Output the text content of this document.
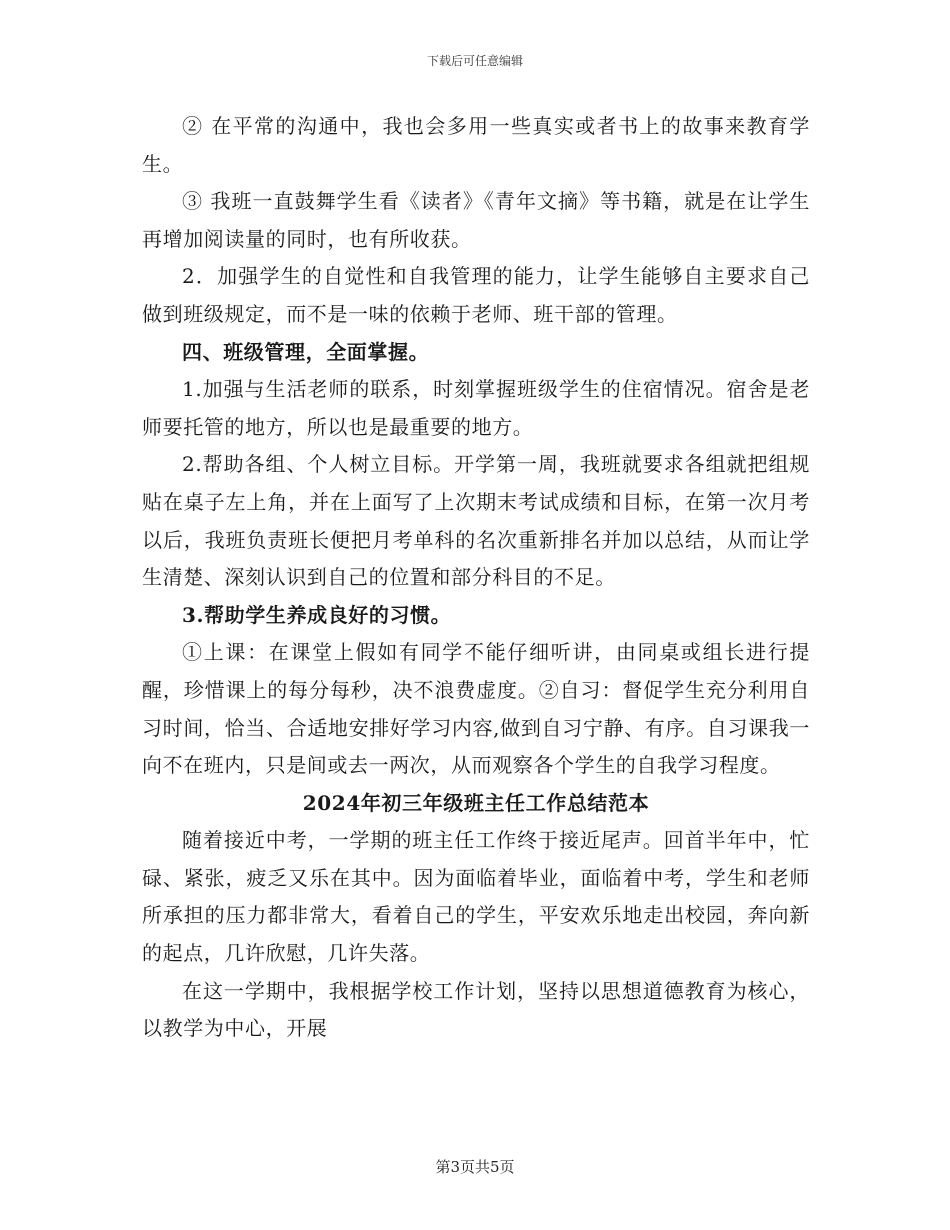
下载后可任意编辑

② 在平常的沟通中，我也会多用一些真实或者书上的故事来教育学生。

③ 我班一直鼓舞学生看《读者》《青年文摘》等书籍，就是在让学生再增加阅读量的同时，也有所收获。

2．加强学生的自觉性和自我管理的能力，让学生能够自主要求自己做到班级规定，而不是一味的依赖于老师、班干部的管理。

四、班级管理，全面掌握。

1.加强与生活老师的联系，时刻掌握班级学生的住宿情况。宿舍是老师要托管的地方，所以也是最重要的地方。

2.帮助各组、个人树立目标。开学第一周，我班就要求各组就把组规贴在桌子左上角，并在上面写了上次期末考试成绩和目标，在第一次月考以后，我班负责班长便把月考单科的名次重新排名并加以总结，从而让学生清楚、深刻认识到自己的位置和部分科目的不足。

3.帮助学生养成良好的习惯。

①上课：在课堂上假如有同学不能仔细听讲，由同桌或组长进行提醒，珍惜课上的每分每秒，决不浪费虚度。②自习：督促学生充分利用自习时间，恰当、合适地安排好学习内容,做到自习宁静、有序。自习课我一向不在班内，只是间或去一两次，从而观察各个学生的自我学习程度。

2024年初三年级班主任工作总结范本

随着接近中考，一学期的班主任工作终于接近尾声。回首半年中，忙碌、紧张，疲乏又乐在其中。因为面临着毕业，面临着中考，学生和老师所承担的压力都非常大，看着自己的学生，平安欢乐地走出校园，奔向新的起点，几许欣慰，几许失落。

在这一学期中，我根据学校工作计划，坚持以思想道德教育为核心，以教学为中心，开展

第3页共5页
